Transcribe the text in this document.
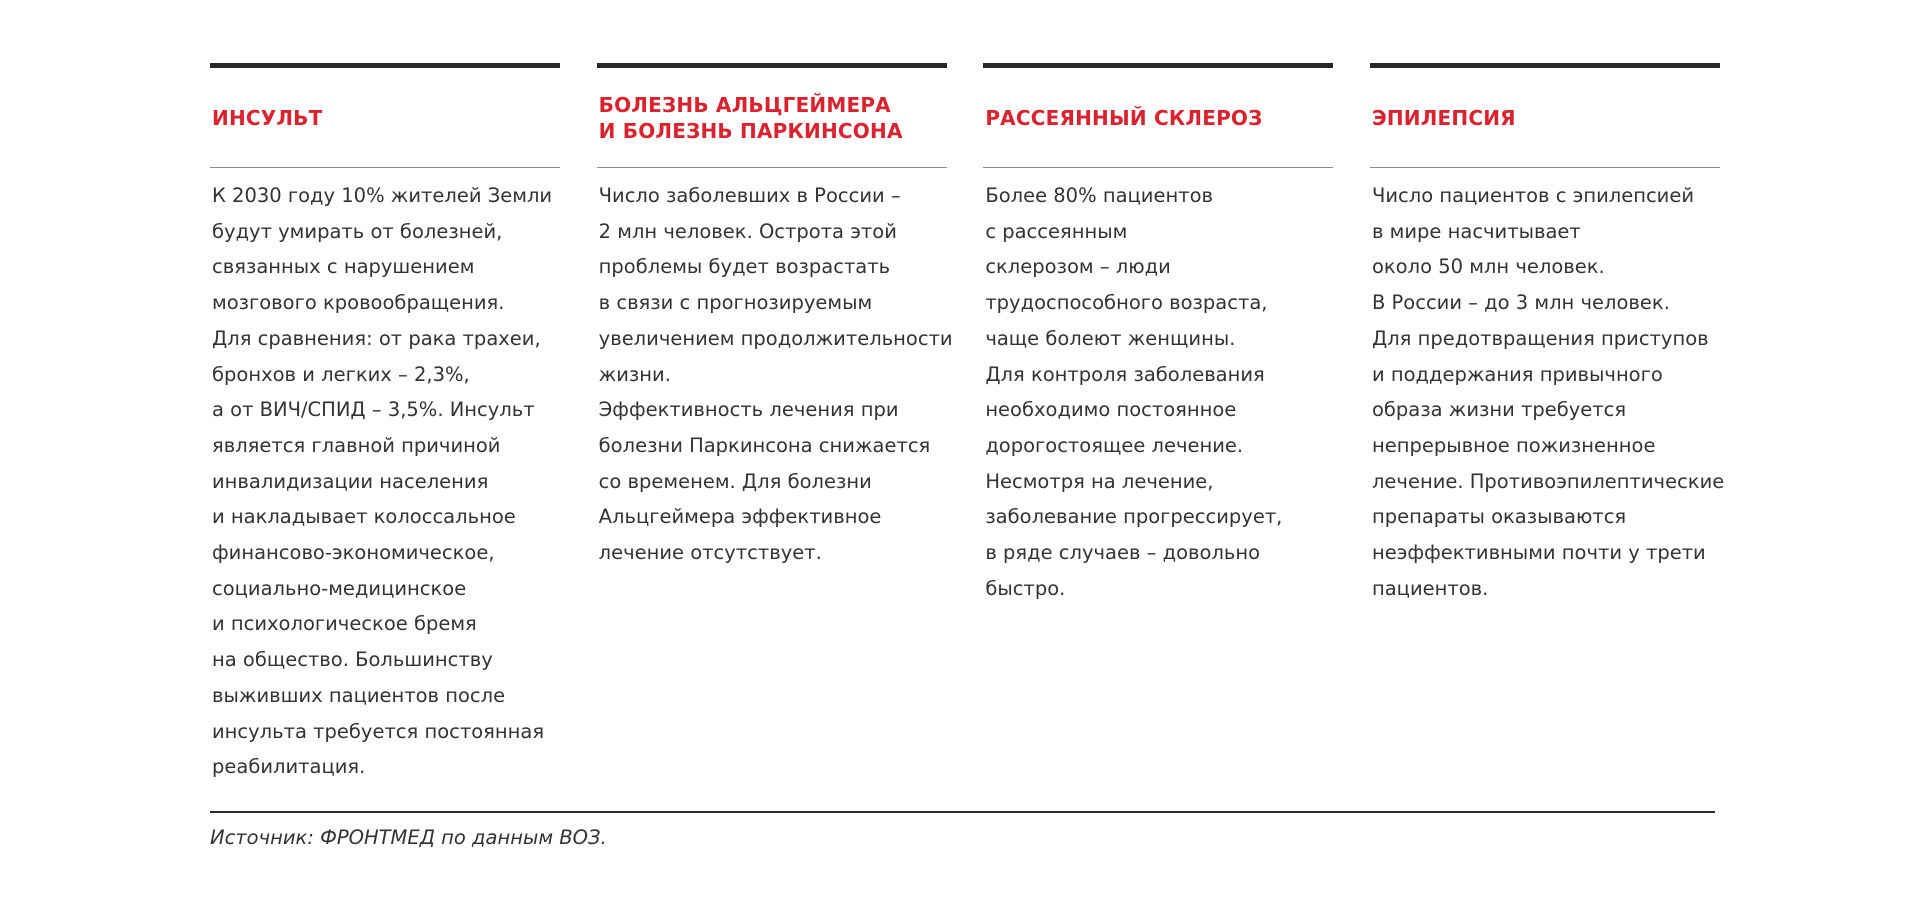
ИНСУЛЬТ
К 2030 году 10% жителей Земли
будут умирать от болезней,
связанных с нарушением
мозгового кровообращения.
Для сравнения: от рака трахеи,
бронхов и легких – 2,3%,
а от ВИЧ/СПИД – 3,5%. Инсульт
является главной причиной
инвалидизации населения
и накладывает колоссальное
финансово-экономическое,
социально-медицинское
и психологическое бремя
на общество. Большинству
выживших пациентов после
инсульта требуется постоянная
реабилитация.
БОЛЕЗНЬ АЛЬЦГЕЙМЕРА
И БОЛЕЗНЬ ПАРКИНСОНА
Число заболевших в России –
2 млн человек. Острота этой
проблемы будет возрастать
в связи с прогнозируемым
увеличением продолжительности
жизни.
Эффективность лечения при
болезни Паркинсона снижается
со временем. Для болезни
Альцгеймера эффективное
лечение отсутствует.
РАССЕЯННЫЙ СКЛЕРОЗ
Более 80% пациентов
с рассеянным
склерозом – люди
трудоспособного возраста,
чаще болеют женщины.
Для контроля заболевания
необходимо постоянное
дорогостоящее лечение.
Несмотря на лечение,
заболевание прогрессирует,
в ряде случаев – довольно
быстро.
ЭПИЛЕПСИЯ
Число пациентов с эпилепсией
в мире насчитывает
около 50 млн человек.
В России – до 3 млн человек.
Для предотвращения приступов
и поддержания привычного
образа жизни требуется
непрерывное пожизненное
лечение. Противоэпилептические
препараты оказываются
неэффективными почти у трети
пациентов.

Источник: ФРОНТМЕД по данным ВОЗ.
